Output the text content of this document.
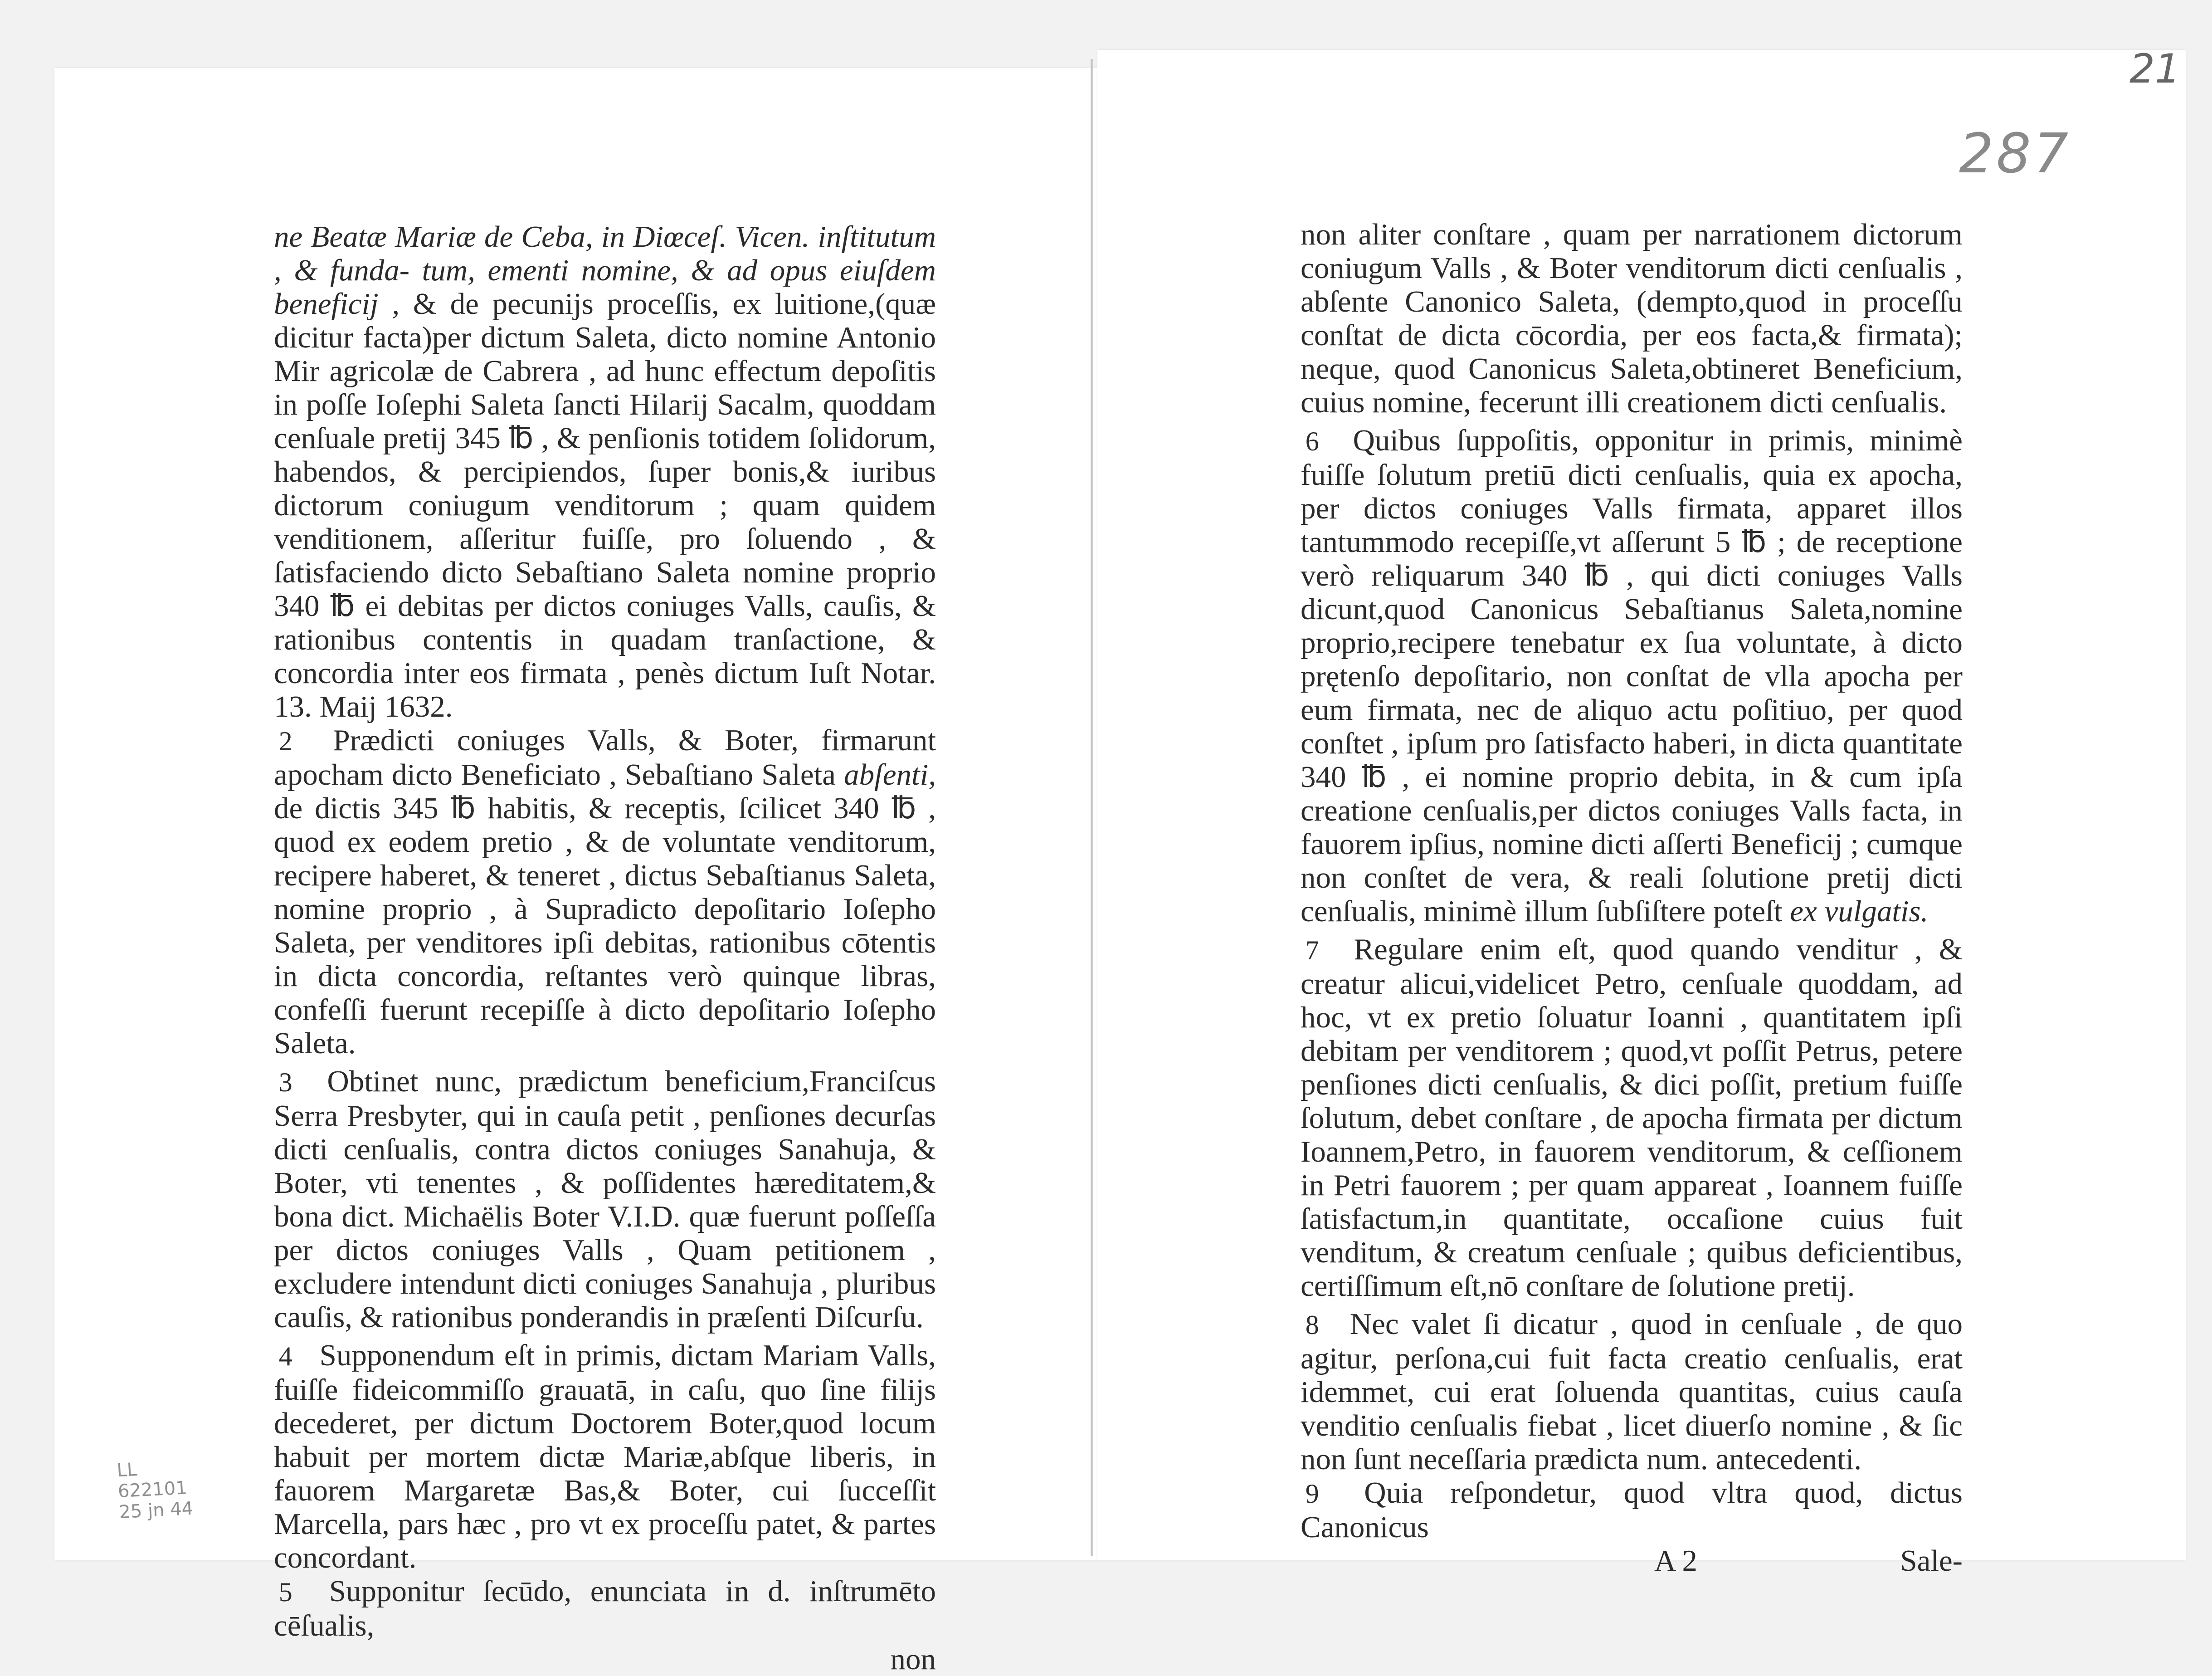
21
287
LL
622101
25 jn 44

ne Beatæ Mariæ de Ceba, in Diœceſ. Vicen. inſtitutum , & funda- tum, ementi nomine, & ad opus eiuſdem beneficij , & de pecunijs proceſſis, ex luitione,(quæ dicitur facta)per dictum Saleta, dicto nomine Antonio Mir agricolæ de Cabrera , ad hunc effectum depoſitis in poſſe Ioſephi Saleta ſancti Hilarij Sacalm, quoddam cenſuale pretij 345 ℔ , & penſionis totidem ſolidorum, habendos, & percipiendos, ſuper bonis,& iuribus dictorum coniugum venditorum ; quam quidem venditionem, aſſeritur fuiſſe, pro ſoluendo , & ſatisfaciendo dicto Sebaſtiano Saleta nomine proprio 340 ℔ ei debitas per dictos coniuges Valls, cauſis, & rationibus contentis in quadam tranſactione, & concordia inter eos firmata , penès dictum Iuſt Notar. 13. Maij 1632.

2 Prædicti coniuges Valls, & Boter, firmarunt apocham dicto Beneficiato , Sebaſtiano Saleta abſenti, de dictis 345 ℔ habitis, & receptis, ſcilicet 340 ℔ , quod ex eodem pretio , & de voluntate venditorum, recipere haberet, & teneret , dictus Sebaſtianus Saleta, nomine proprio , à Supradicto depoſitario Ioſepho Saleta, per venditores ipſi debitas, rationibus cōtentis in dicta concordia, reſtantes verò quinque libras, confeſſi fuerunt recepiſſe à dicto depoſitario Ioſepho Saleta.

3 Obtinet nunc, prædictum beneficium,Franciſcus Serra Presbyter, qui in cauſa petit , penſiones decurſas dicti cenſualis, contra dictos coniuges Sanahuja, & Boter, vti tenentes , & poſſidentes hæreditatem,& bona dict. Michaëlis Boter V.I.D. quæ fuerunt poſſeſſa per dictos coniuges Valls , Quam petitionem , excludere intendunt dicti coniuges Sanahuja , pluribus cauſis, & rationibus ponderandis in præſenti Diſcurſu.

4 Supponendum eſt in primis, dictam Mariam Valls, fuiſſe fideicommiſſo grauatā, in caſu, quo ſine filijs decederet, per dictum Doctorem Boter,quod locum habuit per mortem dictæ Mariæ,abſque liberis, in fauorem Margaretæ Bas,& Boter, cui ſucceſſit Marcella, pars hæc , pro vt ex proceſſu patet, & partes concordant.

5 Supponitur ſecūdo, enunciata in d. inſtrumēto cēſualis,

non

non aliter conſtare , quam per narrationem dictorum coniugum Valls , & Boter venditorum dicti cenſualis , abſente Canonico Saleta, (dempto,quod in proceſſu conſtat de dicta cōcordia, per eos facta,& firmata); neque, quod Canonicus Saleta,obtineret Beneficium, cuius nomine, fecerunt illi creationem dicti cenſualis.

6 Quibus ſuppoſitis, opponitur in primis, minimè fuiſſe ſolutum pretiū dicti cenſualis, quia ex apocha, per dictos coniuges Valls firmata, apparet illos tantummodo recepiſſe,vt aſſerunt 5 ℔ ; de receptione verò reliquarum 340 ℔ , qui dicti coniuges Valls dicunt,quod Canonicus Sebaſtianus Saleta,nomine proprio,recipere tenebatur ex ſua voluntate, à dicto prętenſo depoſitario, non conſtat de vlla apocha per eum firmata, nec de aliquo actu poſitiuo, per quod conſtet , ipſum pro ſatisfacto haberi, in dicta quantitate 340 ℔ , ei nomine proprio debita, in & cum ipſa creatione cenſualis,per dictos coniuges Valls facta, in fauorem ipſius, nomine dicti aſſerti Beneficij ; cumque non conſtet de vera, & reali ſolutione pretij dicti cenſualis, minimè illum ſubſiſtere poteſt ex vulgatis.

7 Regulare enim eſt, quod quando venditur , & creatur alicui,videlicet Petro, cenſuale quoddam, ad hoc, vt ex pretio ſoluatur Ioanni , quantitatem ipſi debitam per venditorem ; quod,vt poſſit Petrus, petere penſiones dicti cenſualis, & dici poſſit, pretium fuiſſe ſolutum, debet conſtare , de apocha firmata per dictum Ioannem,Petro, in fauorem venditorum, & ceſſionem in Petri fauorem ; per quam appareat , Ioannem fuiſſe ſatisfactum,in quantitate, occaſione cuius fuit venditum, & creatum cenſuale ; quibus deficientibus, certiſſimum eſt,nō conſtare de ſolutione pretij.

8 Nec valet ſi dicatur , quod in cenſuale , de quo agitur, perſona,cui fuit facta creatio cenſualis, erat idemmet, cui erat ſoluenda quantitas, cuius cauſa venditio cenſualis fiebat , licet diuerſo nomine , & ſic non ſunt neceſſaria prædicta num. antecedenti.

9 Quia reſpondetur, quod vltra quod, dictus Canonicus

A 2	Sale-
